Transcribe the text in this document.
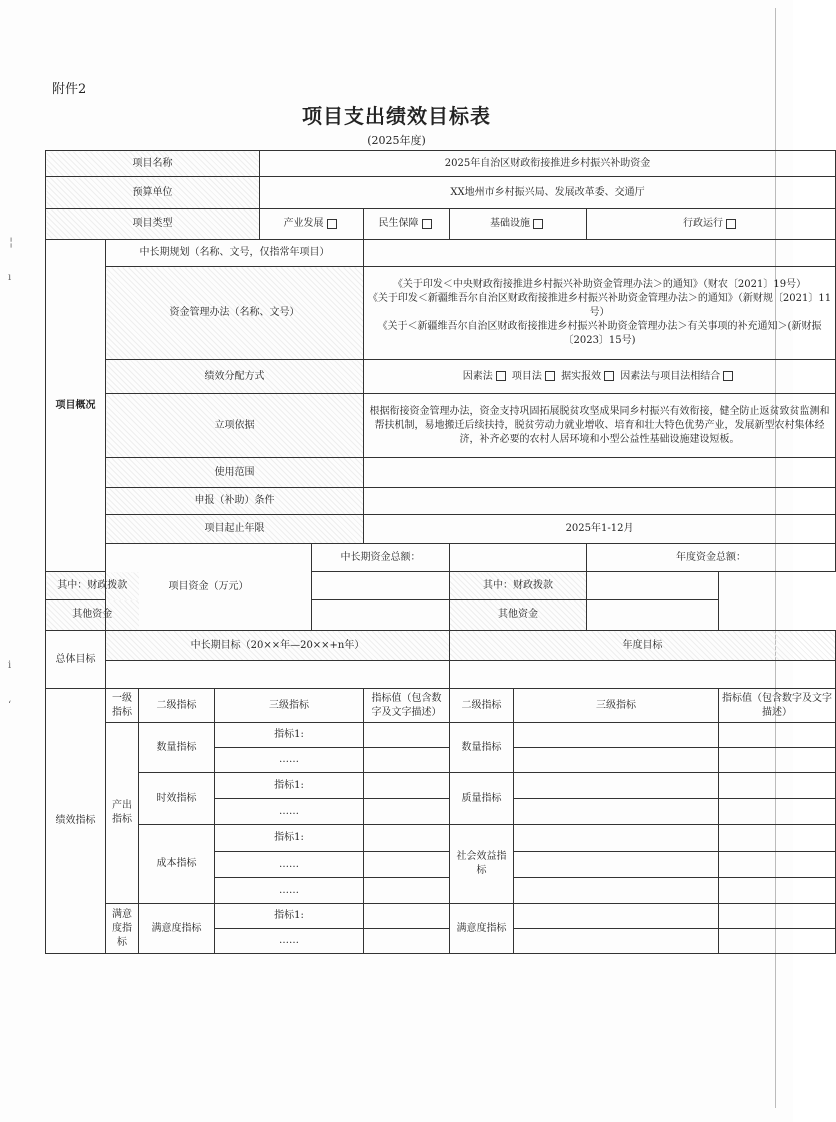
╎
ı
ⅰ
ʻ
附件2
项目支出绩效目标表
(2025年度)
项目名称				2025年自治区财政衔接推进乡村振兴补助资金							
预算单位				XX地州市乡村振兴局、发展改革委、交通厅							
项目类型				产业发展		民生保障	基础设施		行政运行		
项目概况	中长期规划（名称、文号，仅指常年项目）										
	资金管理办法（名称、文号）					《关于印发＜中央财政衔接推进乡村振兴补助资金管理办法＞的通知》（财农〔2021〕19号）
《关于印发＜新疆维吾尔自治区财政衔接推进乡村振兴补助资金管理办法＞的通知》（新财规〔2021〕11号）
《关于＜新疆维吾尔自治区财政衔接推进乡村振兴补助资金管理办法＞有关事项的补充通知＞(新财振〔2023〕15号)					

	绩效分配方式					因素法 项目法 据实报效 因素法与项目法相结合					
	立项依据					根据衔接资金管理办法，资金支持巩固拓展脱贫攻坚成果同乡村振兴有效衔接，健全防止返贫致贫监测和帮扶机制，易地搬迁后续扶持，脱贫劳动力就业增收、培育和壮大特色优势产业，发展新型农村集体经济，补齐必要的农村人居环境和小型公益性基础设施建设短板。					
	使用范围										
	申报（补助）条件										
	项目起止年限					2025年1-12月					
	项目资金（万元）				中长期资金总额：				年度资金总额：		
其中：财政拨款							其中：财政拨款				
其他资金							其他资金				
总体目标	中长期目标（20××年—20××+n年）						年度目标				

绩效指标	一级指标	二级指标	三级指标			指标值（包含数字及文字描述）	二级指标	三级指标		指标值（包含数字及文字描述）	
	产出指标	数量指标	指标1:				数量指标				
			……								
		时效指标	指标1:				质量指标				
			……								
		成本指标	指标1:				社会效益指标				
			……								
			……								
	满意度指标	满意度指标	指标1:				满意度指标				
			……								
